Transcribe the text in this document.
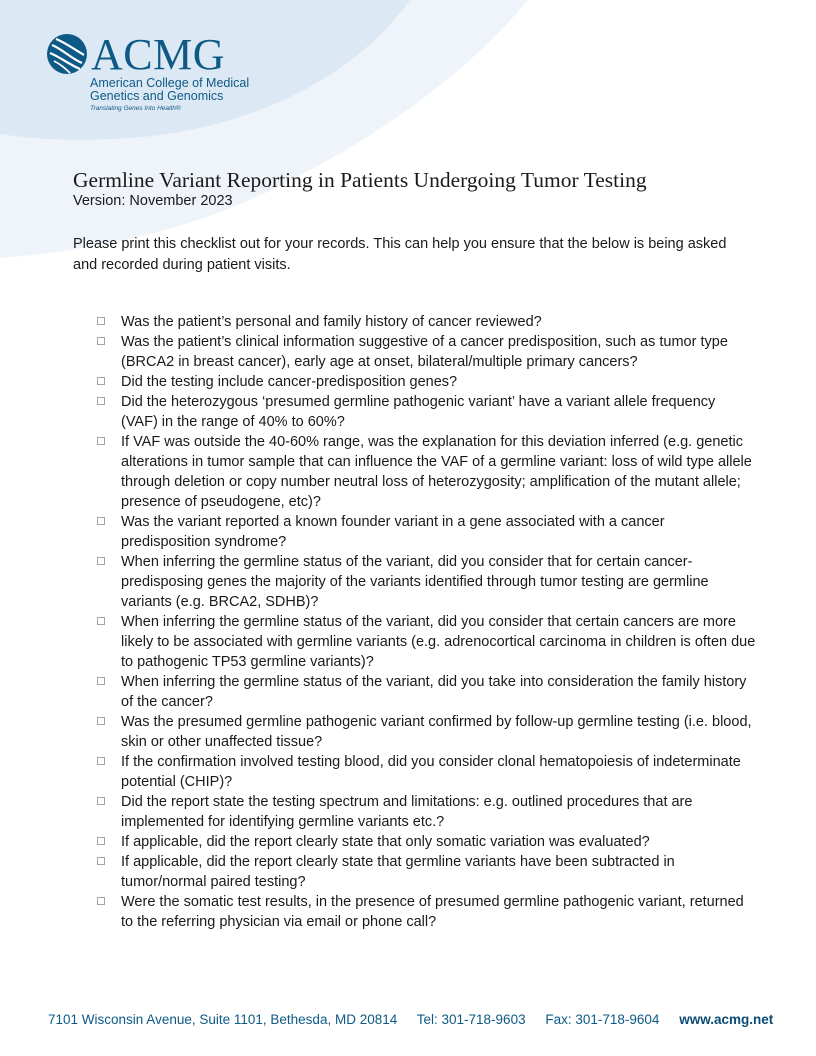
ACMG
American College of Medical Genetics and Genomics
Translating Genes Into Health®
Germline Variant Reporting in Patients Undergoing Tumor Testing
Version: November 2023

Please print this checklist out for your records. This can help you ensure that the below is being asked and recorded during patient visits.

Was the patient’s personal and family history of cancer reviewed?
Was the patient’s clinical information suggestive of a cancer predisposition, such as tumor type (BRCA2 in breast cancer), early age at onset, bilateral/multiple primary cancers?
Did the testing include cancer-predisposition genes?
Did the heterozygous ‘presumed germline pathogenic variant’ have a variant allele frequency (VAF) in the range of 40% to 60%?
If VAF was outside the 40-60% range, was the explanation for this deviation inferred (e.g. genetic alterations in tumor sample that can influence the VAF of a germline variant: loss of wild type allele through deletion or copy number neutral loss of heterozygosity; amplification of the mutant allele; presence of pseudogene, etc)?
Was the variant reported a known founder variant in a gene associated with a cancer predisposition syndrome?
When inferring the germline status of the variant, did you consider that for certain cancer-predisposing genes the majority of the variants identified through tumor testing are germline variants (e.g. BRCA2, SDHB)?
When inferring the germline status of the variant, did you consider that certain cancers are more likely to be associated with germline variants (e.g. adrenocortical carcinoma in children is often due to pathogenic TP53 germline variants)?
When inferring the germline status of the variant, did you take into consideration the family history of the cancer?
Was the presumed germline pathogenic variant confirmed by follow-up germline testing (i.e. blood, skin or other unaffected tissue?
If the confirmation involved testing blood, did you consider clonal hematopoiesis of indeterminate potential (CHIP)?
Did the report state the testing spectrum and limitations: e.g. outlined procedures that are implemented for identifying germline variants etc.?
If applicable, did the report clearly state that only somatic variation was evaluated?
If applicable, did the report clearly state that germline variants have been subtracted in tumor/normal paired testing?
Were the somatic test results, in the presence of presumed germline pathogenic variant, returned to the referring physician via email or phone call?
7101 Wisconsin Avenue, Suite 1101, Bethesda, MD 20814 Tel: 301-718-9603 Fax: 301-718-9604 www.acmg.net
